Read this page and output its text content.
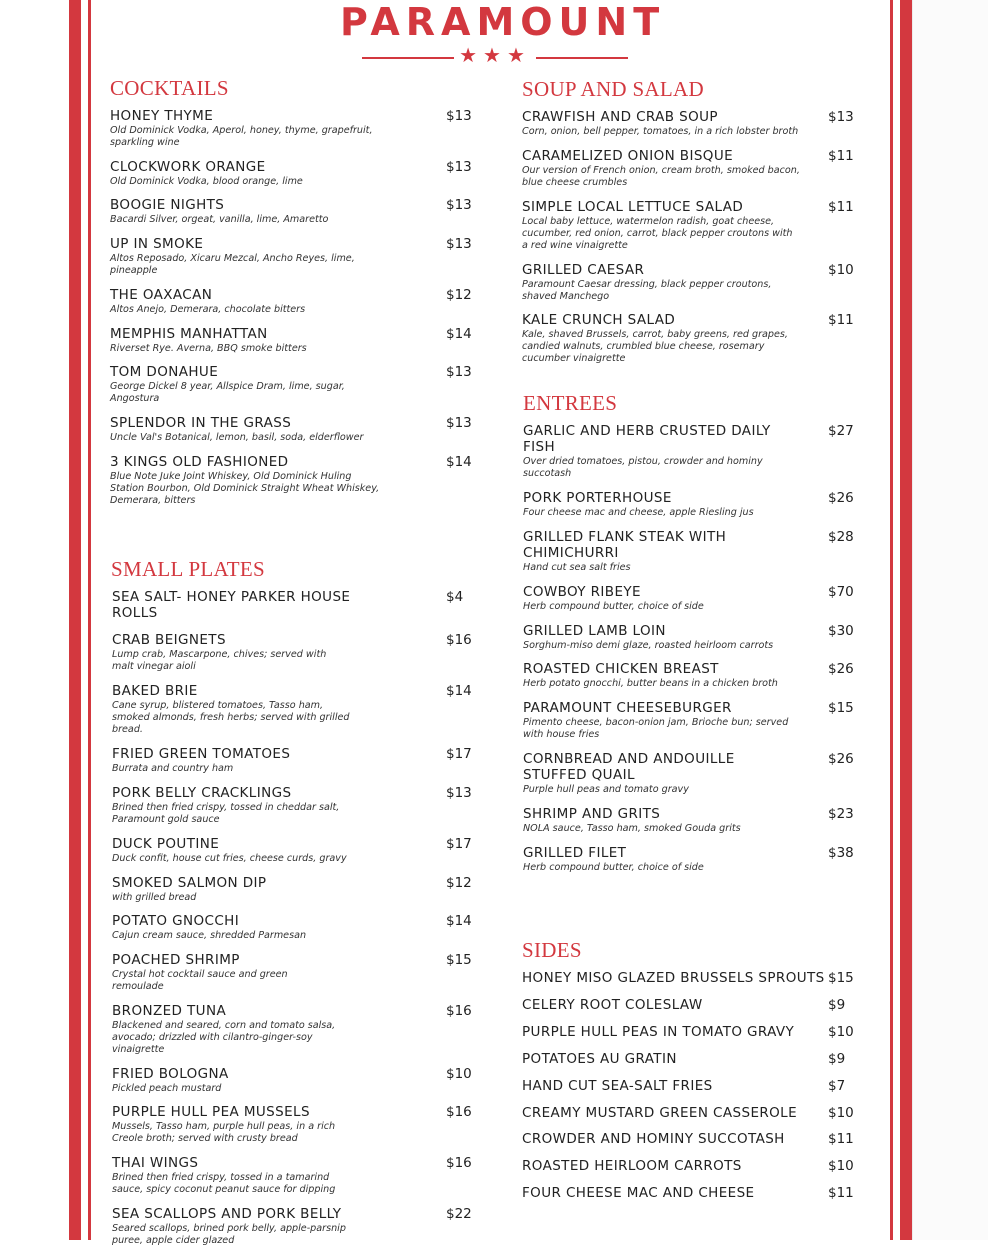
PARAMOUNT
★★★
COCKTAILS
HONEY THYME
Old Dominick Vodka, Aperol, honey, thyme, grapefruit,
sparkling wine
$13
CLOCKWORK ORANGE
Old Dominick Vodka, blood orange, lime
$13
BOOGIE NIGHTS
Bacardi Silver, orgeat, vanilla, lime, Amaretto
$13
UP IN SMOKE
Altos Reposado, Xicaru Mezcal, Ancho Reyes, lime,
pineapple
$13
THE OAXACAN
Altos Anejo, Demerara, chocolate bitters
$12
MEMPHIS MANHATTAN
Riverset Rye. Averna, BBQ smoke bitters
$14
TOM DONAHUE
George Dickel 8 year, Allspice Dram, lime, sugar,
Angostura
$13
SPLENDOR IN THE GRASS
Uncle Val's Botanical, lemon, basil, soda, elderflower
$13
3 KINGS OLD FASHIONED
Blue Note Juke Joint Whiskey, Old Dominick Huling
Station Bourbon, Old Dominick Straight Wheat Whiskey,
Demerara, bitters
$14
SMALL PLATES
SEA SALT- HONEY PARKER HOUSE
ROLLS
$4
CRAB BEIGNETS
Lump crab, Mascarpone, chives; served with
malt vinegar aioli
$16
BAKED BRIE
Cane syrup, blistered tomatoes, Tasso ham,
smoked almonds, fresh herbs; served with grilled
bread.
$14
FRIED GREEN TOMATOES
Burrata and country ham
$17
PORK BELLY CRACKLINGS
Brined then fried crispy, tossed in cheddar salt,
Paramount gold sauce
$13
DUCK POUTINE
Duck confit, house cut fries, cheese curds, gravy
$17
SMOKED SALMON DIP
with grilled bread
$12
POTATO GNOCCHI
Cajun cream sauce, shredded Parmesan
$14
POACHED SHRIMP
Crystal hot cocktail sauce and green
remoulade
$15
BRONZED TUNA
Blackened and seared, corn and tomato salsa,
avocado; drizzled with cilantro-ginger-soy
vinaigrette
$16
FRIED BOLOGNA
Pickled peach mustard
$10
PURPLE HULL PEA MUSSELS
Mussels, Tasso ham, purple hull peas, in a rich
Creole broth; served with crusty bread
$16
THAI WINGS
Brined then fried crispy, tossed in a tamarind
sauce, spicy coconut peanut sauce for dipping
$16
SEA SCALLOPS AND PORK BELLY
Seared scallops, brined pork belly, apple-parsnip
puree, apple cider glazed
$22
SOUP AND SALAD
CRAWFISH AND CRAB SOUP
Corn, onion, bell pepper, tomatoes, in a rich lobster broth
$13
CARAMELIZED ONION BISQUE
Our version of French onion, cream broth, smoked bacon,
blue cheese crumbles
$11
SIMPLE LOCAL LETTUCE SALAD
Local baby lettuce, watermelon radish, goat cheese,
cucumber, red onion, carrot, black pepper croutons with
a red wine vinaigrette
$11
GRILLED CAESAR
Paramount Caesar dressing, black pepper croutons,
shaved Manchego
$10
KALE CRUNCH SALAD
Kale, shaved Brussels, carrot, baby greens, red grapes,
candied walnuts, crumbled blue cheese, rosemary
cucumber vinaigrette
$11
ENTREES
GARLIC AND HERB CRUSTED DAILY
FISH
Over dried tomatoes, pistou, crowder and hominy
succotash
$27
PORK PORTERHOUSE
Four cheese mac and cheese, apple Riesling jus
$26
GRILLED FLANK STEAK WITH
CHIMICHURRI
Hand cut sea salt fries
$28
COWBOY RIBEYE
Herb compound butter, choice of side
$70
GRILLED LAMB LOIN
Sorghum-miso demi glaze, roasted heirloom carrots
$30
ROASTED CHICKEN BREAST
Herb potato gnocchi, butter beans in a chicken broth
$26
PARAMOUNT CHEESEBURGER
Pimento cheese, bacon-onion jam, Brioche bun; served
with house fries
$15
CORNBREAD AND ANDOUILLE
STUFFED QUAIL
Purple hull peas and tomato gravy
$26
SHRIMP AND GRITS
NOLA sauce, Tasso ham, smoked Gouda grits
$23
GRILLED FILET
Herb compound butter, choice of side
$38
SIDES
HONEY MISO GLAZED BRUSSELS SPROUTS $15
CELERY ROOT COLESLAW	$9
PURPLE HULL PEAS IN TOMATO GRAVY	$10
POTATOES AU GRATIN	$9
HAND CUT SEA-SALT FRIES	$7
CREAMY MUSTARD GREEN CASSEROLE $10
CROWDER AND HOMINY SUCCOTASH	$11
ROASTED HEIRLOOM CARROTS	$10
FOUR CHEESE MAC AND CHEESE	$11
